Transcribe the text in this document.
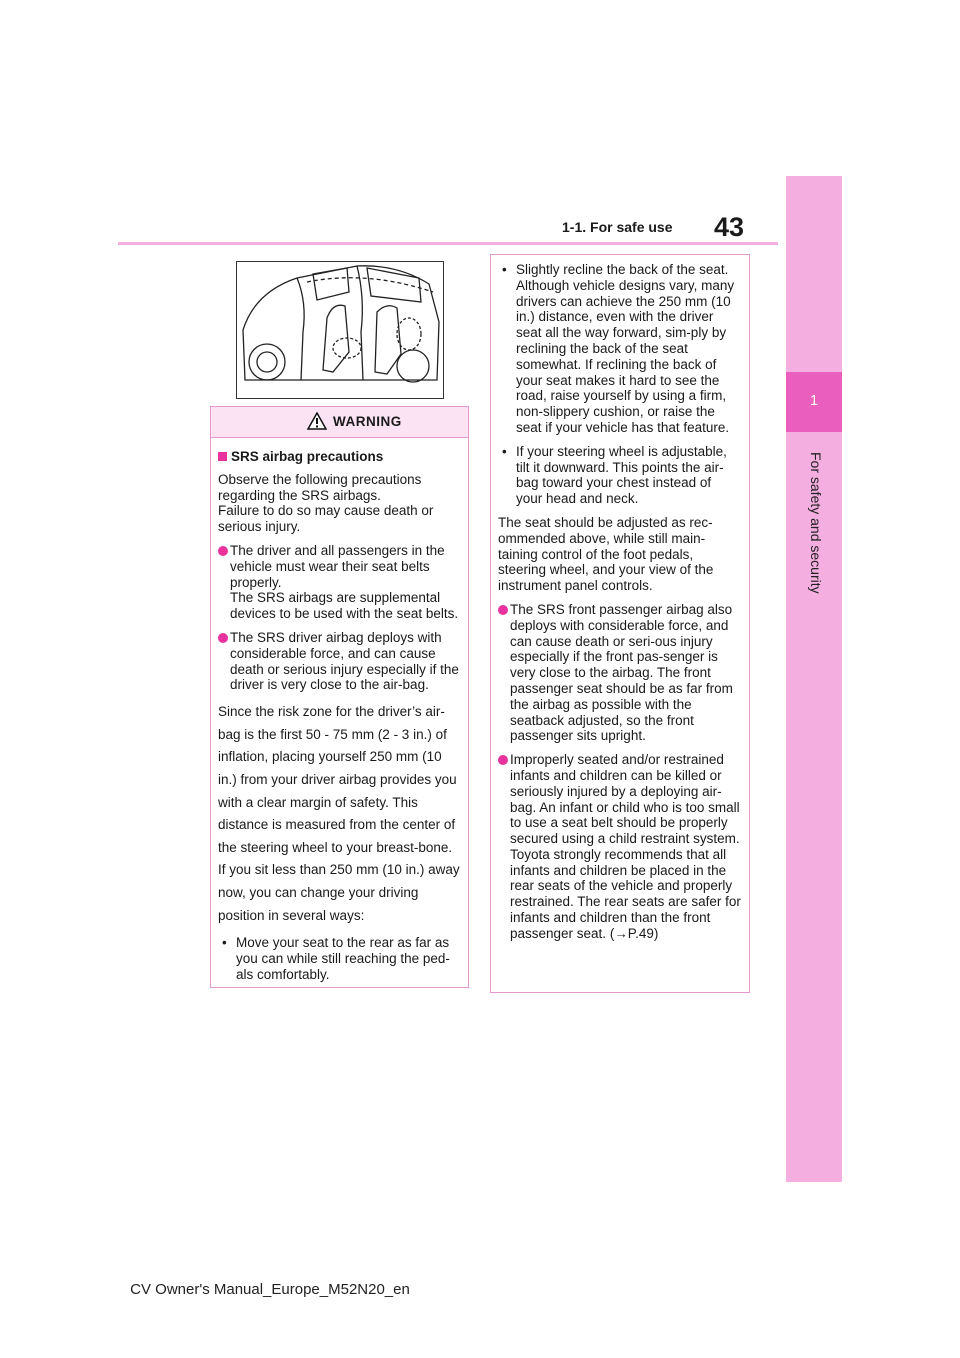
43
1-1. For safe use
1
For safety and security
WARNING
SRS airbag precautions

Observe the following precautions regarding the SRS airbags.
Failure to do so may cause death or serious injury.

The driver and all passengers in the vehicle must wear their seat belts properly.
The SRS airbags are supplemental devices to be used with the seat belts.
The SRS driver airbag deploys with considerable force, and can cause death or serious injury especially if the driver is very close to the air-bag.

Since the risk zone for the driver’s air-bag is the first 50 - 75 mm (2 - 3 in.) of inflation, placing yourself 250 mm (10 in.) from your driver airbag provides you with a clear margin of safety. This distance is measured from the center of the steering wheel to your breast-bone. If you sit less than 250 mm (10 in.) away now, you can change your driving position in several ways:

• Move your seat to the rear as far as you can while still reaching the ped-als comfortably.
• Slightly recline the back of the seat. Although vehicle designs vary, many drivers can achieve the 250 mm (10 in.) distance, even with the driver seat all the way forward, sim-ply by reclining the back of the seat somewhat. If reclining the back of your seat makes it hard to see the road, raise yourself by using a firm, non-slippery cushion, or raise the seat if your vehicle has that feature.
• If your steering wheel is adjustable, tilt it downward. This points the air-bag toward your chest instead of your head and neck.

The seat should be adjusted as rec-ommended above, while still main-taining control of the foot pedals, steering wheel, and your view of the instrument panel controls.

The SRS front passenger airbag also deploys with considerable force, and can cause death or seri-ous injury especially if the front pas-senger is very close to the airbag. The front passenger seat should be as far from the airbag as possible with the seatback adjusted, so the front passenger sits upright.
Improperly seated and/or restrained infants and children can be killed or seriously injured by a deploying air-bag. An infant or child who is too small to use a seat belt should be properly secured using a child restraint system. Toyota strongly recommends that all infants and children be placed in the rear seats of the vehicle and properly restrained. The rear seats are safer for infants and children than the front passenger seat. (→P.49)
CV Owner's Manual_Europe_M52N20_en
